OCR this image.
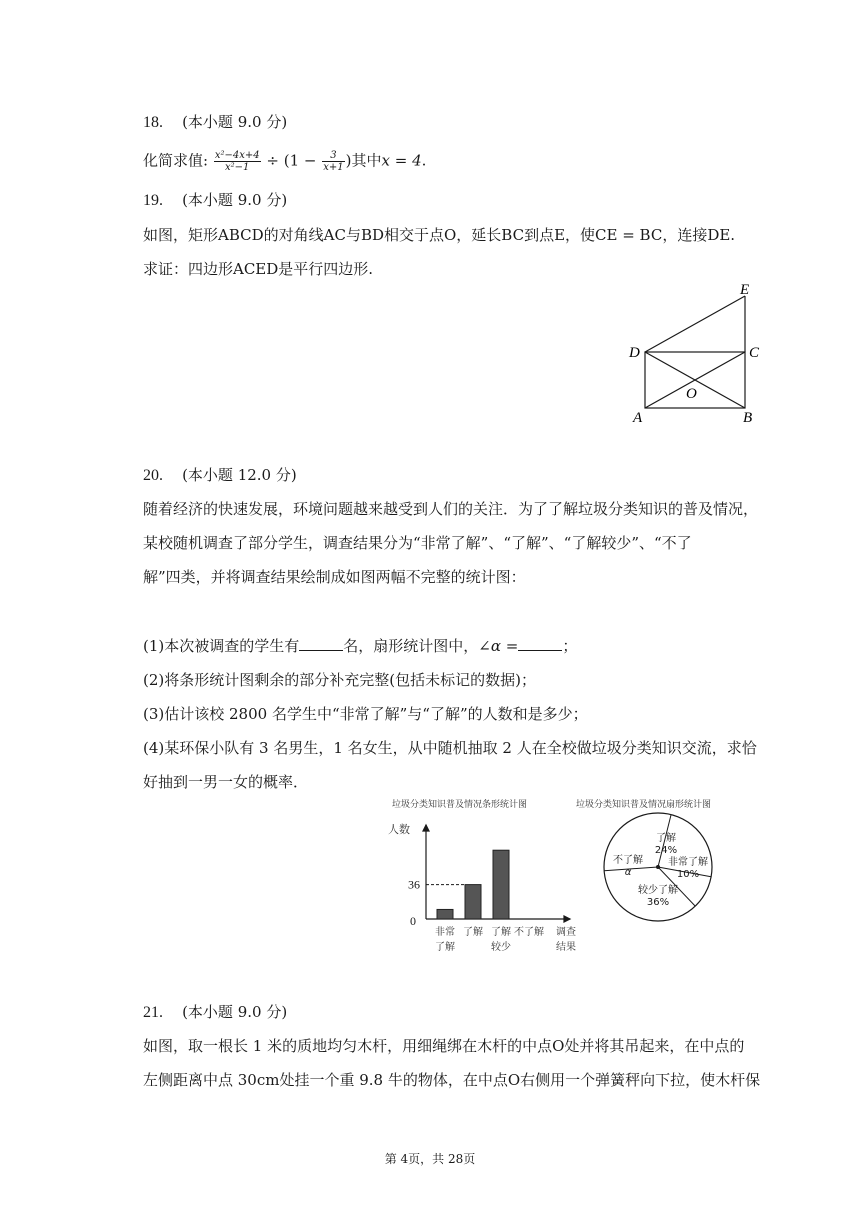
18. (本小题 9.0 分)
化简求值: $\frac{\text{x²−4x+4}}{\text{x²−1}} \div (1 - \frac{3}{x+1}$ )其中x = 4.
19. (本小题 9.0 分)
如图，矩形ABCD的对角线AC与BD相交于点O，延长BC到点E，使CE = BC，连接DE.
求证：四边形ACED是平行四边形.
E
D	C
O
A	B
20. (本小题 12.0 分)
随着经济的快速发展，环境问题越来越受到人们的关注．为了了解垃圾分类知识的普及情况，
某校随机调查了部分学生，调查结果分为“非常了解”、“了解”、“了解较少”、“不了
解”四类，并将调查结果绘制成如图两幅不完整的统计图：
(1)本次被调查的学生有	名，扇形统计图中，∠α =	；
(2)将条形统计图剩余的部分补充完整(包括未标记的数据)；
(3)估计该校 2800 名学生中“非常了解”与“了解”的人数和是多少；
(4)某环保小队有 3 名男生，1 名女生，从中随机抽取 2 人在全校做垃圾分类知识交流，求恰
好抽到一男一女的概率．
垃圾分类知识普及情况条形统计图
人数
非常
了解
了解 了解
较少
不了解
36
0
调查
结果
垃圾分类知识普及情况扇形统计图
了解
24%
非常了解
10%
较少了解
36%
不了解
α
21. (本小题 9.0 分)
如图，取一根长 1 米的质地均匀木杆，用细绳绑在木杆的中点O处并将其吊起来，在中点的
左侧距离中点 30cm处挂一个重 9.8 牛的物体，在中点O右侧用一个弹簧秤向下拉，使木杆保
第 4页，共 28页
